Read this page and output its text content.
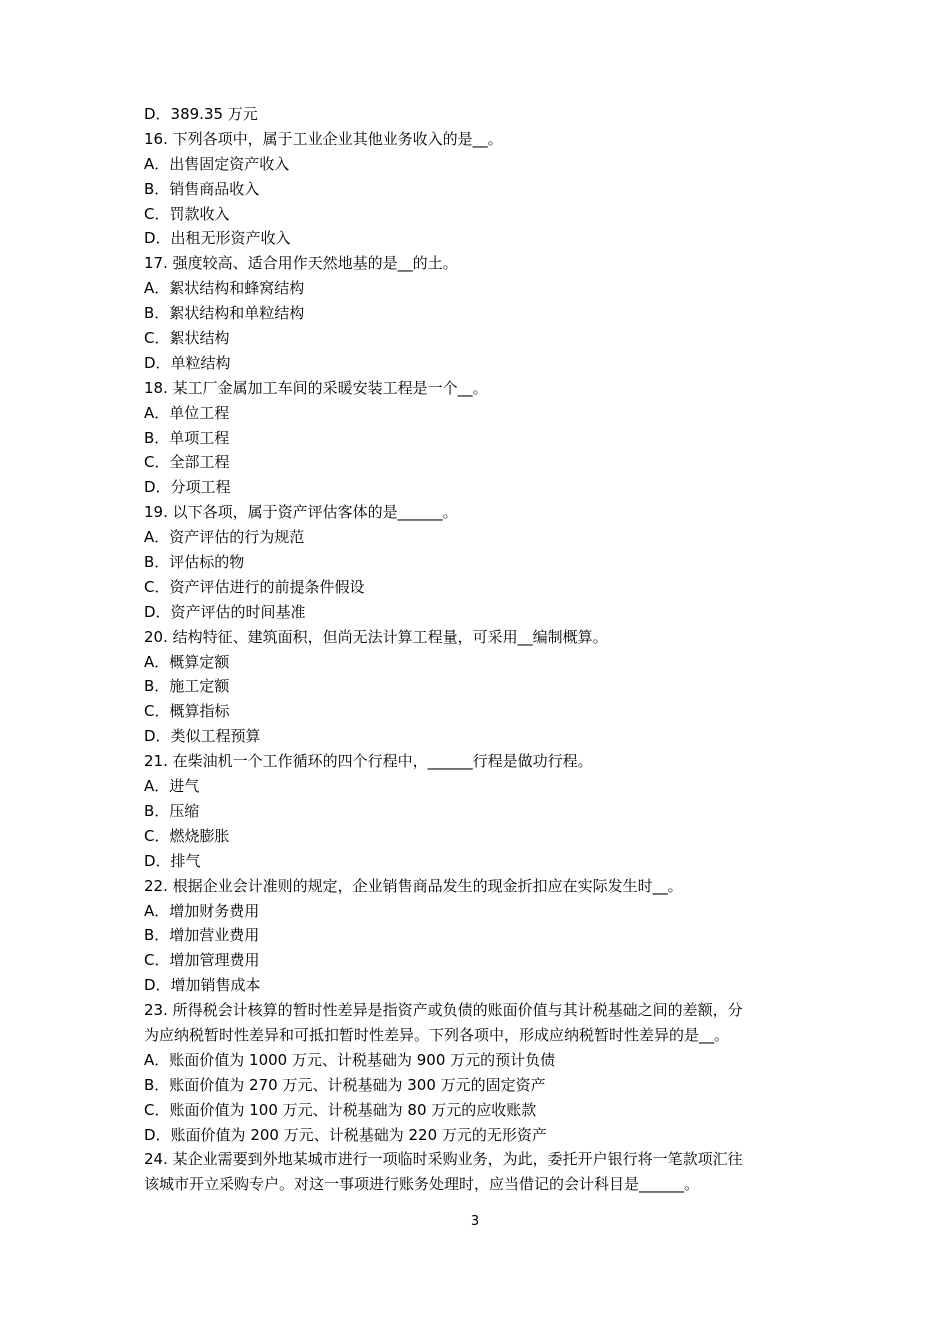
D．389.35 万元
16. 下列各项中，属于工业企业其他业务收入的是__。
A．出售固定资产收入
B．销售商品收入
C．罚款收入
D．出租无形资产收入
17. 强度较高、适合用作天然地基的是__的土。
A．絮状结构和蜂窝结构
B．絮状结构和单粒结构
C．絮状结构
D．单粒结构
18. 某工厂金属加工车间的采暖安装工程是一个__。
A．单位工程
B．单项工程
C．全部工程
D．分项工程
19. 以下各项，属于资产评估客体的是______。
A．资产评估的行为规范
B．评估标的物
C．资产评估进行的前提条件假设
D．资产评估的时间基准
20. 结构特征、建筑面积，但尚无法计算工程量，可采用__编制概算。
A．概算定额
B．施工定额
C．概算指标
D．类似工程预算
21. 在柴油机一个工作循环的四个行程中，______行程是做功行程。
A．进气
B．压缩
C．燃烧膨胀
D．排气
22. 根据企业会计准则的规定，企业销售商品发生的现金折扣应在实际发生时__。
A．增加财务费用
B．增加营业费用
C．增加管理费用
D．增加销售成本
23. 所得税会计核算的暂时性差异是指资产或负债的账面价值与其计税基础之间的差额，分
为应纳税暂时性差异和可抵扣暂时性差异。下列各项中，形成应纳税暂时性差异的是__。
A．账面价值为 1000 万元、计税基础为 900 万元的预计负债
B．账面价值为 270 万元、计税基础为 300 万元的固定资产
C．账面价值为 100 万元、计税基础为 80 万元的应收账款
D．账面价值为 200 万元、计税基础为 220 万元的无形资产
24. 某企业需要到外地某城市进行一项临时采购业务，为此，委托开户银行将一笔款项汇往
该城市开立采购专户。对这一事项进行账务处理时，应当借记的会计科目是______。
3
